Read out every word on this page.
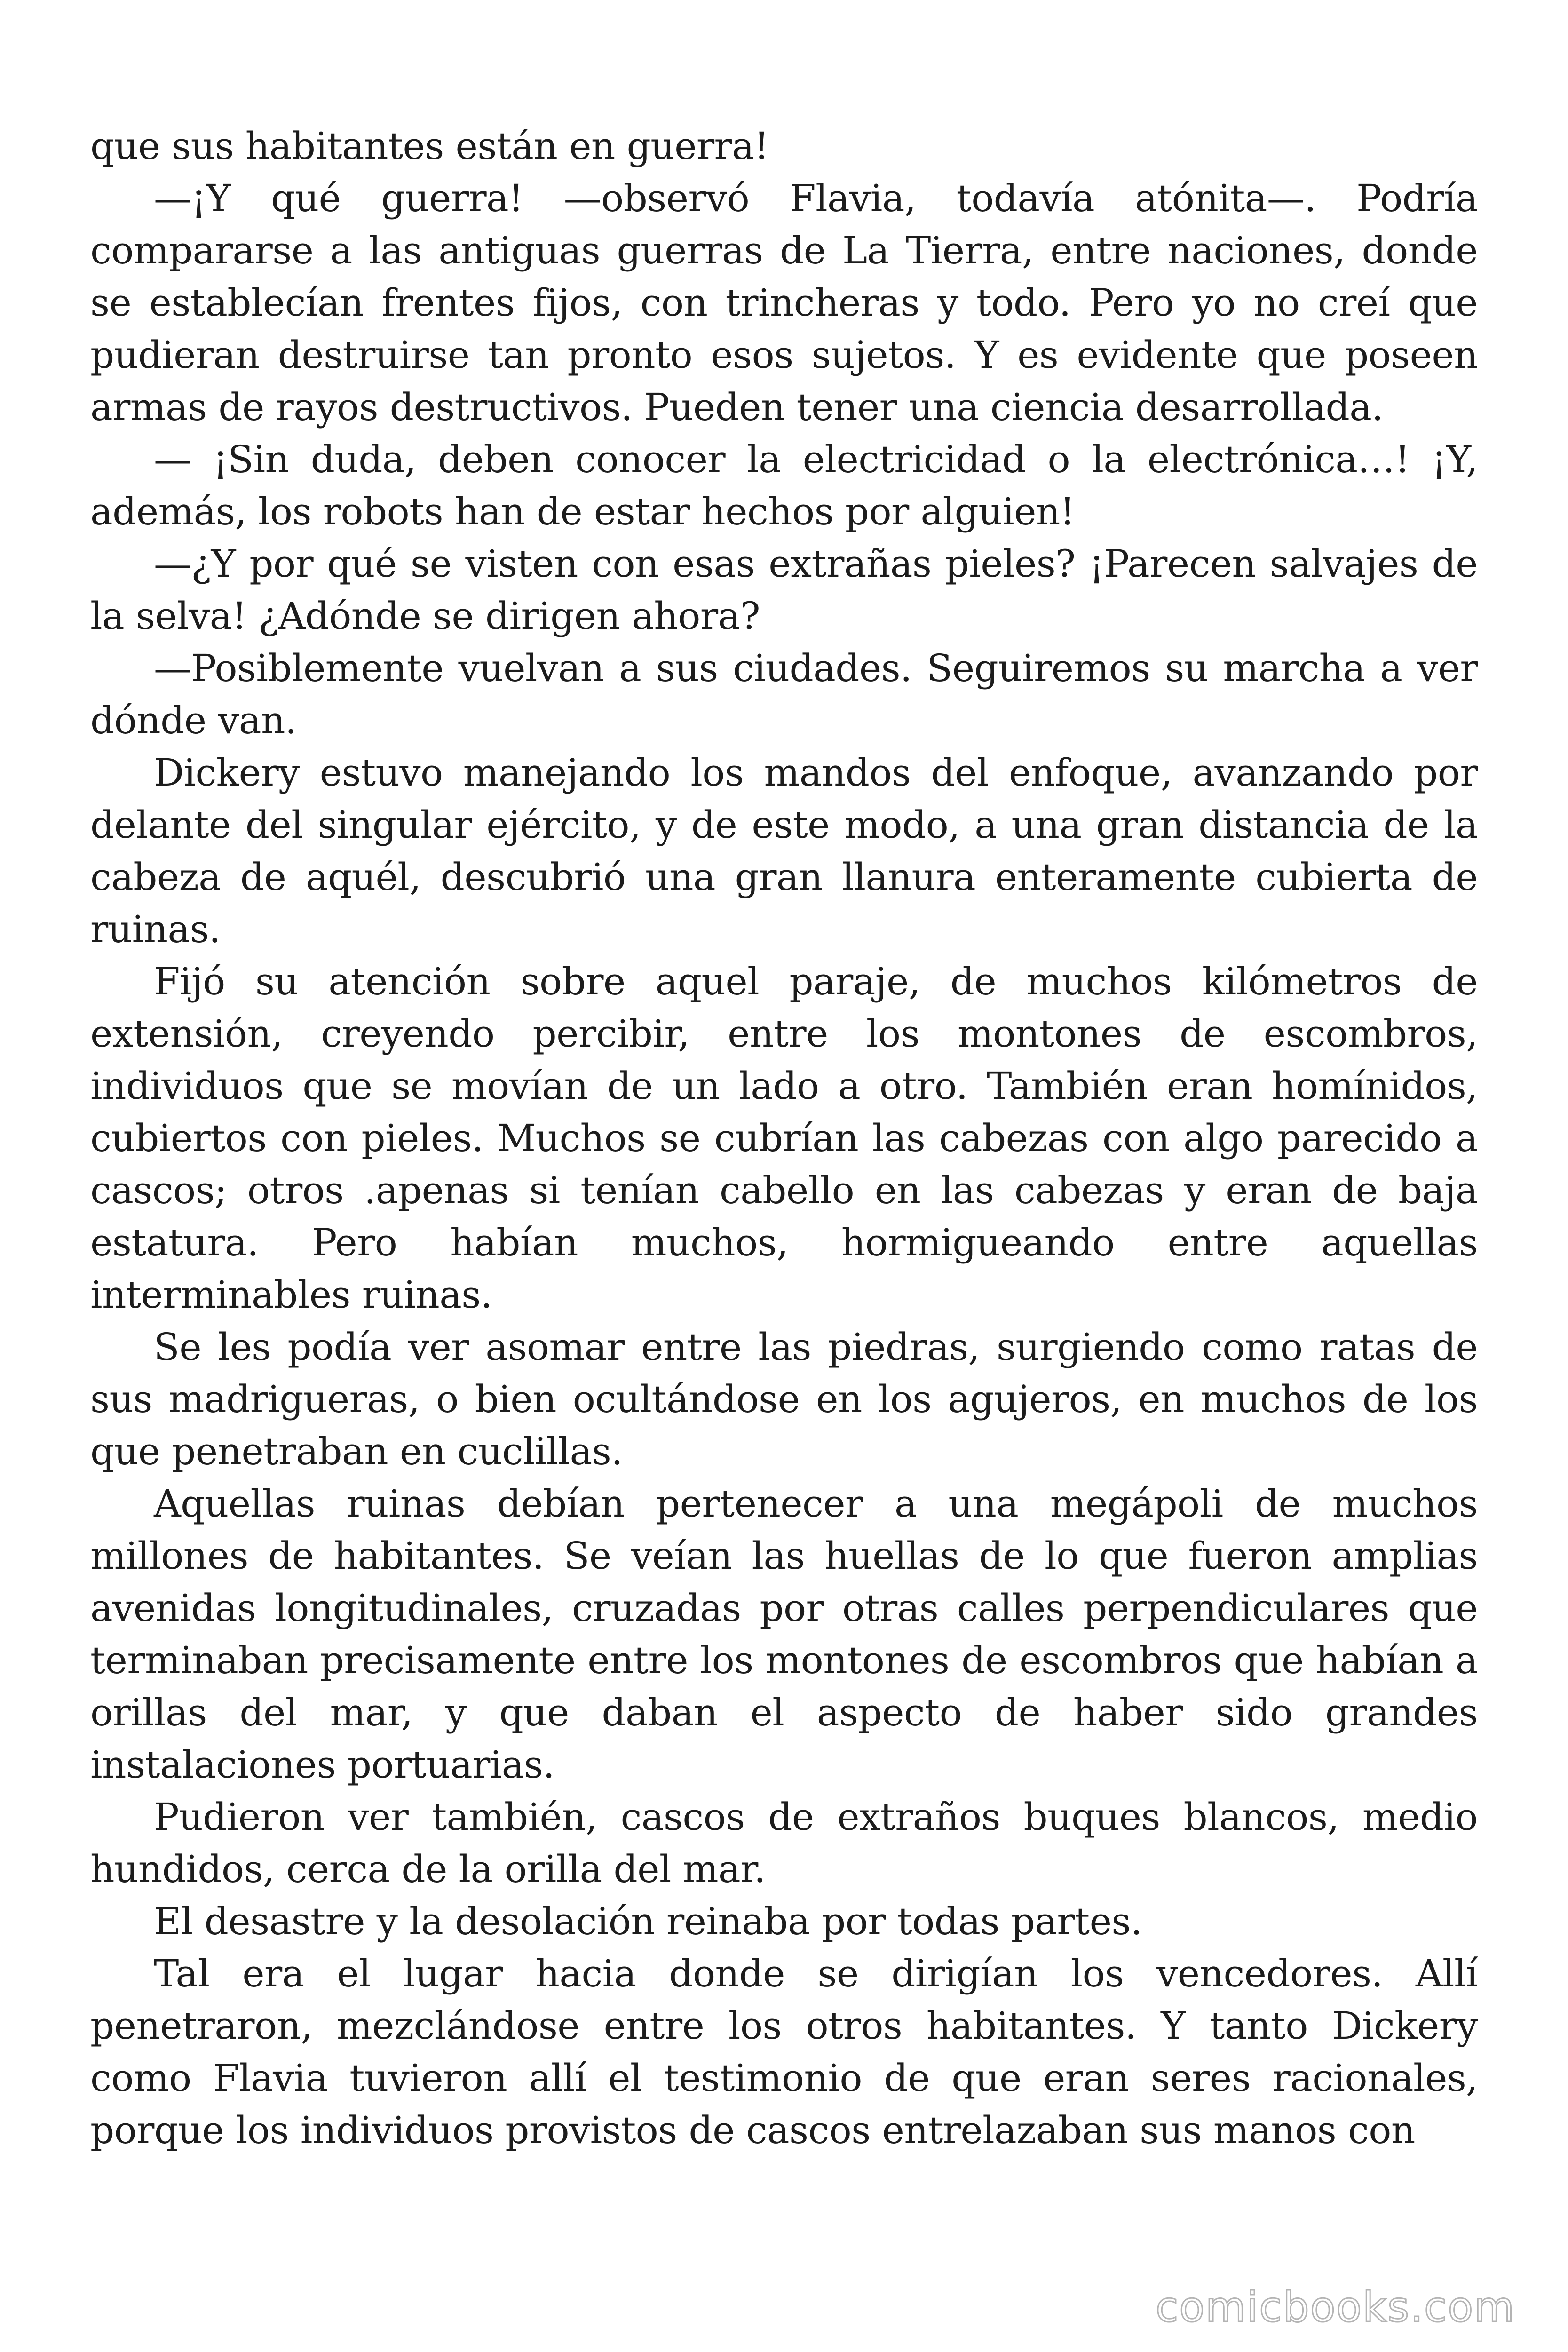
que sus habitantes están en guerra!

—¡Y qué guerra! —observó Flavia, todavía atónita—. Podría compararse a las antiguas guerras de La Tierra, entre naciones, donde se establecían frentes fijos, con trincheras y todo. Pero yo no creí que pudieran destruirse tan pronto esos sujetos. Y es evidente que poseen armas de rayos destructivos. Pueden tener una ciencia desarrollada.

— ¡Sin duda, deben conocer la electricidad o la electrónica…! ¡Y, además, los robots han de estar hechos por alguien!

—¿Y por qué se visten con esas extrañas pieles? ¡Parecen salvajes de la selva! ¿Adónde se dirigen ahora?

—Posiblemente vuelvan a sus ciudades. Seguiremos su marcha a ver dónde van.

Dickery estuvo manejando los mandos del enfoque, avanzando por delante del singular ejército, y de este modo, a una gran distancia de la cabeza de aquél, descubrió una gran llanura enteramente cubierta de ruinas.

Fijó su atención sobre aquel paraje, de muchos kilómetros de extensión, creyendo percibir, entre los montones de escombros, individuos que se movían de un lado a otro. También eran homínidos, cubiertos con pieles. Muchos se cubrían las cabezas con algo parecido a cascos; otros .apenas si tenían cabello en las cabezas y eran de baja estatura. Pero habían muchos, hormigueando entre aquellas interminables ruinas.

Se les podía ver asomar entre las piedras, surgiendo como ratas de sus madrigueras, o bien ocultándose en los agujeros, en muchos de los que penetraban en cuclillas.

Aquellas ruinas debían pertenecer a una megápoli de muchos millones de habitantes. Se veían las huellas de lo que fueron amplias avenidas longitudinales, cruzadas por otras calles perpendiculares que terminaban precisamente entre los montones de escombros que habían a orillas del mar, y que daban el aspecto de haber sido grandes instalaciones portuarias.

Pudieron ver también, cascos de extraños buques blancos, medio hundidos, cerca de la orilla del mar.

El desastre y la desolación reinaba por todas partes.

Tal era el lugar hacia donde se dirigían los vencedores. Allí penetraron, mezclándose entre los otros habitantes. Y tanto Dickery como Flavia tuvieron allí el testimonio de que eran seres racionales, porque los individuos provistos de cascos entrelazaban sus manos con

comicbooks.com
